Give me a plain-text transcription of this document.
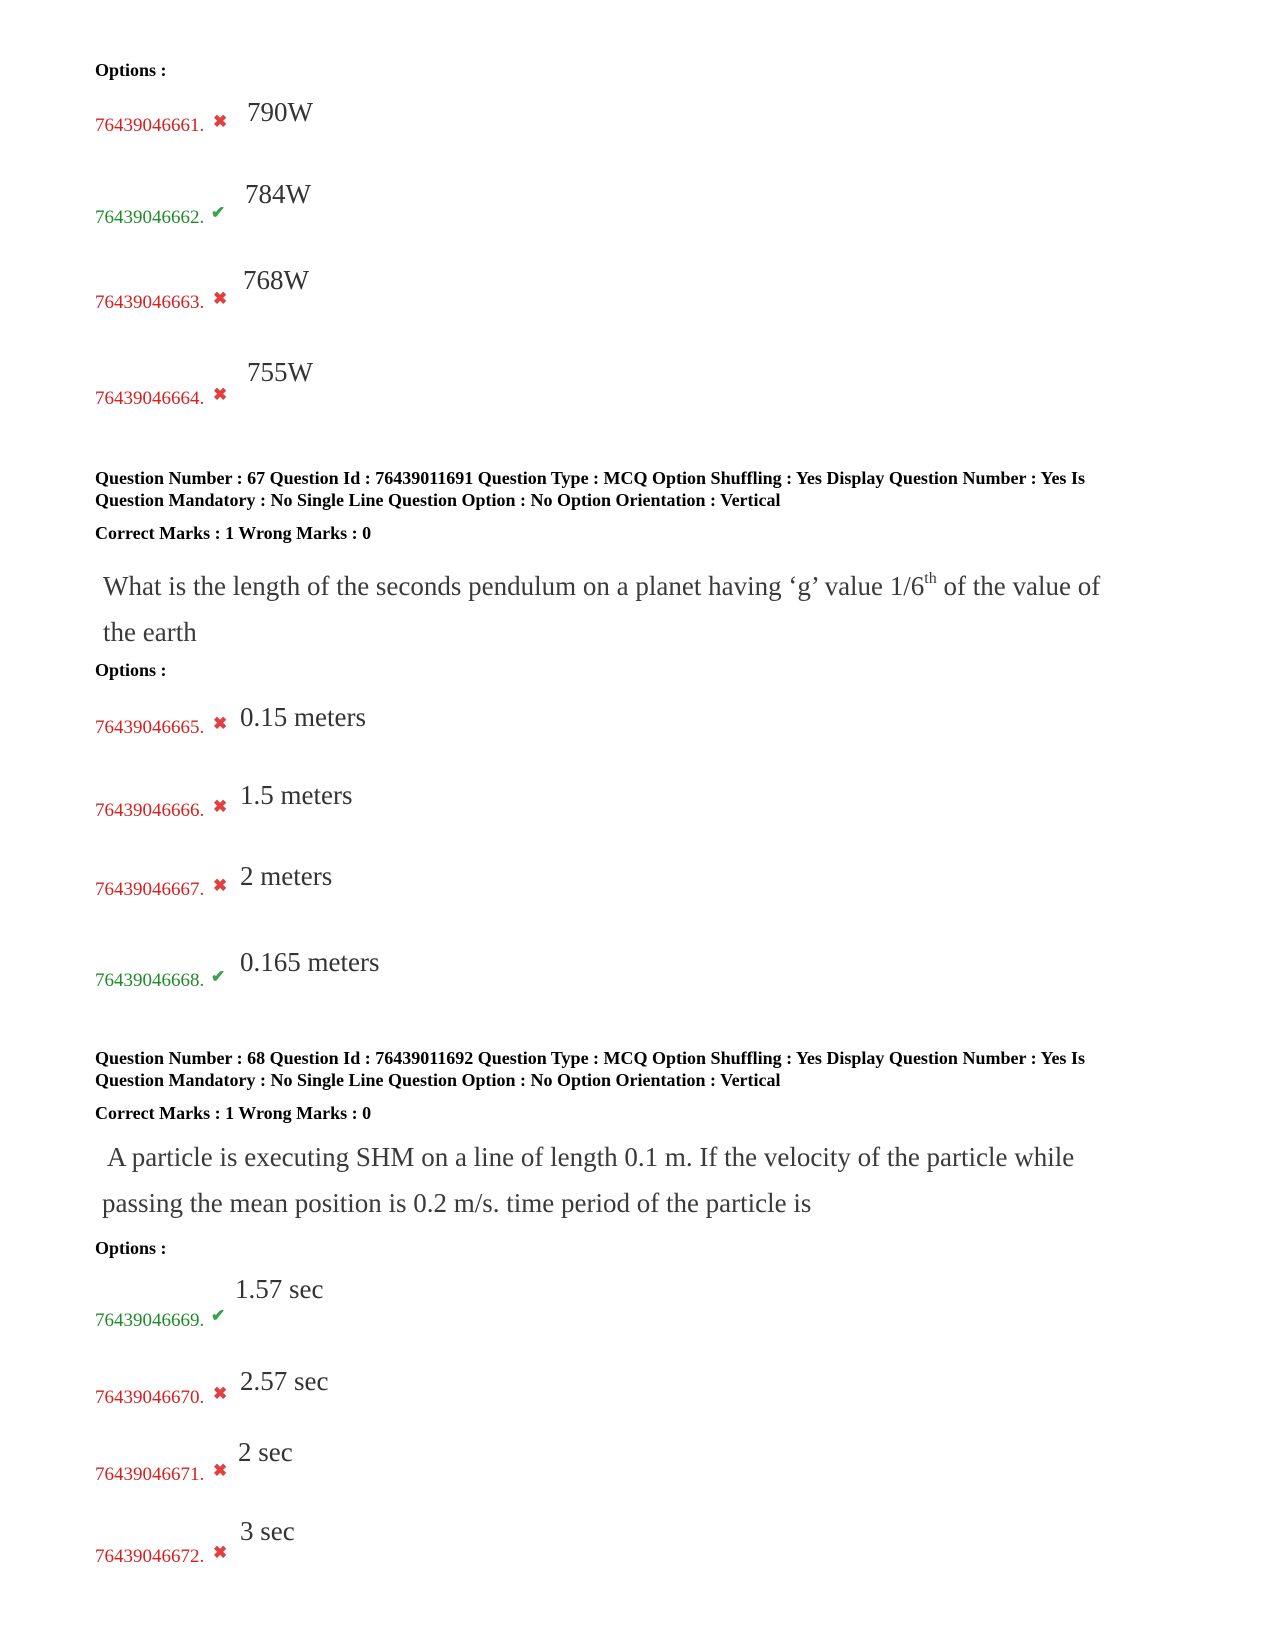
Options :
76439046661. ✖ 790W
76439046662. ✔
784W
76439046663. ✖
768W
76439046664. ✖
755W
Question Number : 67 Question Id : 76439011691 Question Type : MCQ Option Shuffling : Yes Display Question Number : Yes Is
Question Mandatory : No Single Line Question Option : No Option Orientation : Vertical
Correct Marks : 1 Wrong Marks : 0
What is the length of the seconds pendulum on a planet having ‘g’ value 1/6th of the value of
the earth
Options :
76439046665. ✖ 0.15 meters
76439046666. ✖ 1.5 meters
76439046667. ✖ 2 meters
76439046668. ✔ 0.165 meters
Question Number : 68 Question Id : 76439011692 Question Type : MCQ Option Shuffling : Yes Display Question Number : Yes Is
Question Mandatory : No Single Line Question Option : No Option Orientation : Vertical
Correct Marks : 1 Wrong Marks : 0
A particle is executing SHM on a line of length 0.1 m. If the velocity of the particle while
passing the mean position is 0.2 m/s. time period of the particle is
Options :
76439046669. ✔
1.57 sec
76439046670. ✖ 2.57 sec
76439046671. ✖
2 sec
76439046672. ✖
3 sec
